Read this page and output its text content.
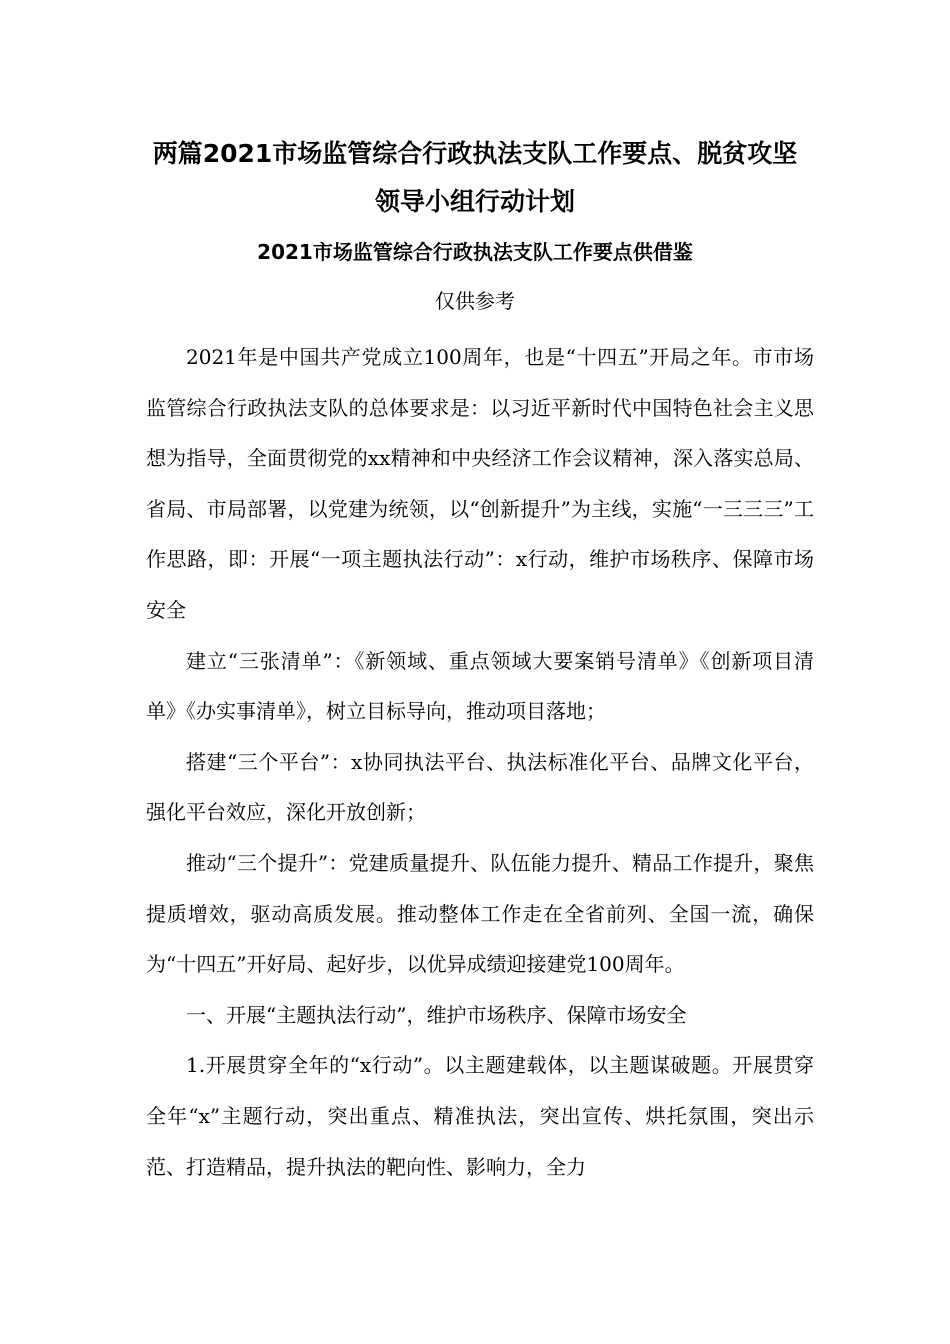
两篇2021市场监管综合行政执法支队工作要点、脱贫攻坚
领导小组行动计划
2021市场监管综合行政执法支队工作要点供借鉴
仅供参考

2021年是中国共产党成立100周年，也是“十四五”开局之年。市市场监管综合行政执法支队的总体要求是：以习近平新时代中国特色社会主义思想为指导，全面贯彻党的xx精神和中央经济工作会议精神，深入落实总局、省局、市局部署，以党建为统领，以“创新提升”为主线，实施“一三三三”工作思路，即：开展“一项主题执法行动”：x行动，维护市场秩序、保障市场安全

建立“三张清单”：《新领域、重点领域大要案销号清单》《创新项目清单》《办实事清单》，树立目标导向，推动项目落地；

搭建“三个平台”：x协同执法平台、执法标准化平台、品牌文化平台，强化平台效应，深化开放创新；

推动“三个提升”：党建质量提升、队伍能力提升、精品工作提升，聚焦提质增效，驱动高质发展。推动整体工作走在全省前列、全国一流，确保为“十四五”开好局、起好步，以优异成绩迎接建党100周年。

一、开展“主题执法行动”，维护市场秩序、保障市场安全

1.开展贯穿全年的“x行动”。以主题建载体，以主题谋破题。开展贯穿全年“x”主题行动，突出重点、精准执法，突出宣传、烘托氛围，突出示范、打造精品，提升执法的靶向性、影响力，全力
